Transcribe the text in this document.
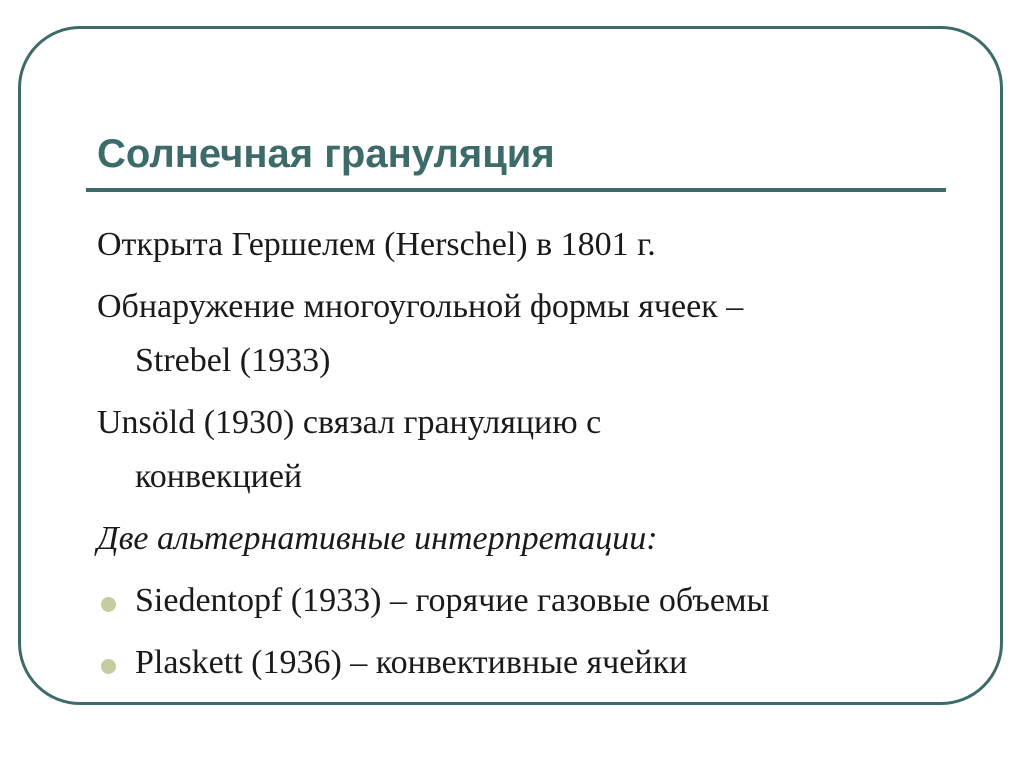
Солнечная грануляция

Открыта Гершелем (Herschel) в 1801 г.

Обнаружение многоугольной формы ячеек –
Strebel (1933)

Unsöld (1930) связал грануляцию с
конвекцией

Две альтернативные интерпретации:

Siedentopf (1933) – горячие газовые объемы
Plaskett (1936) – конвективные ячейки
